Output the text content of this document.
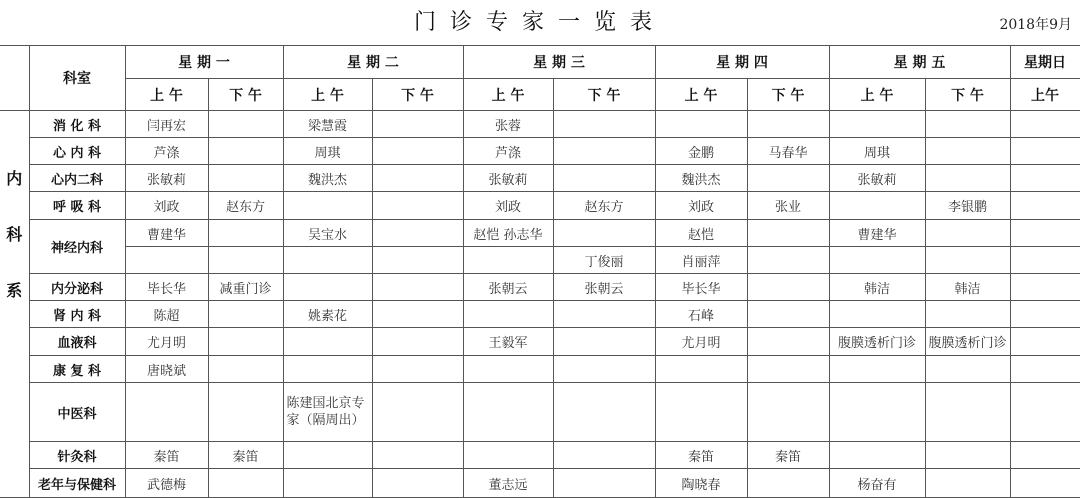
门诊专家一览表	2018年9月
	科室	星 期 一		星 期 二		星 期 三		星 期 四		星 期 五		星期日
		上 午	下 午	上 午	下 午	上 午	下 午	上 午	下 午	上 午	下 午	上午

内
科
系	消 化 科	闫再宏		梁慧霞		张蓉						
	心 内 科	芦涤		周琪		芦涤		金鹏	马春华	周琪		
	心内二科	张敏莉		魏洪杰		张敏莉		魏洪杰		张敏莉		
	呼 吸 科	刘政	赵东方			刘政	赵东方	刘政	张业		李银鹏	
	神经内科	曹建华		吴宝水		赵恺 孙志华		赵恺		曹建华		
							丁俊丽	肖丽萍				
	内分泌科	毕长华	减重门诊			张朝云	张朝云	毕长华		韩洁	韩洁	
	肾 内 科	陈超		姚素花				石峰				
	血液科	尤月明				王毅军		尤月明		腹膜透析门诊	腹膜透析门诊	
	康 复 科	唐晓斌										
	中医科			陈建国北京专家（隔周出）								
	针灸科	秦笛	秦笛					秦笛	秦笛			
	老年与保健科	武德梅				董志远		陶晓春		杨奋有		
